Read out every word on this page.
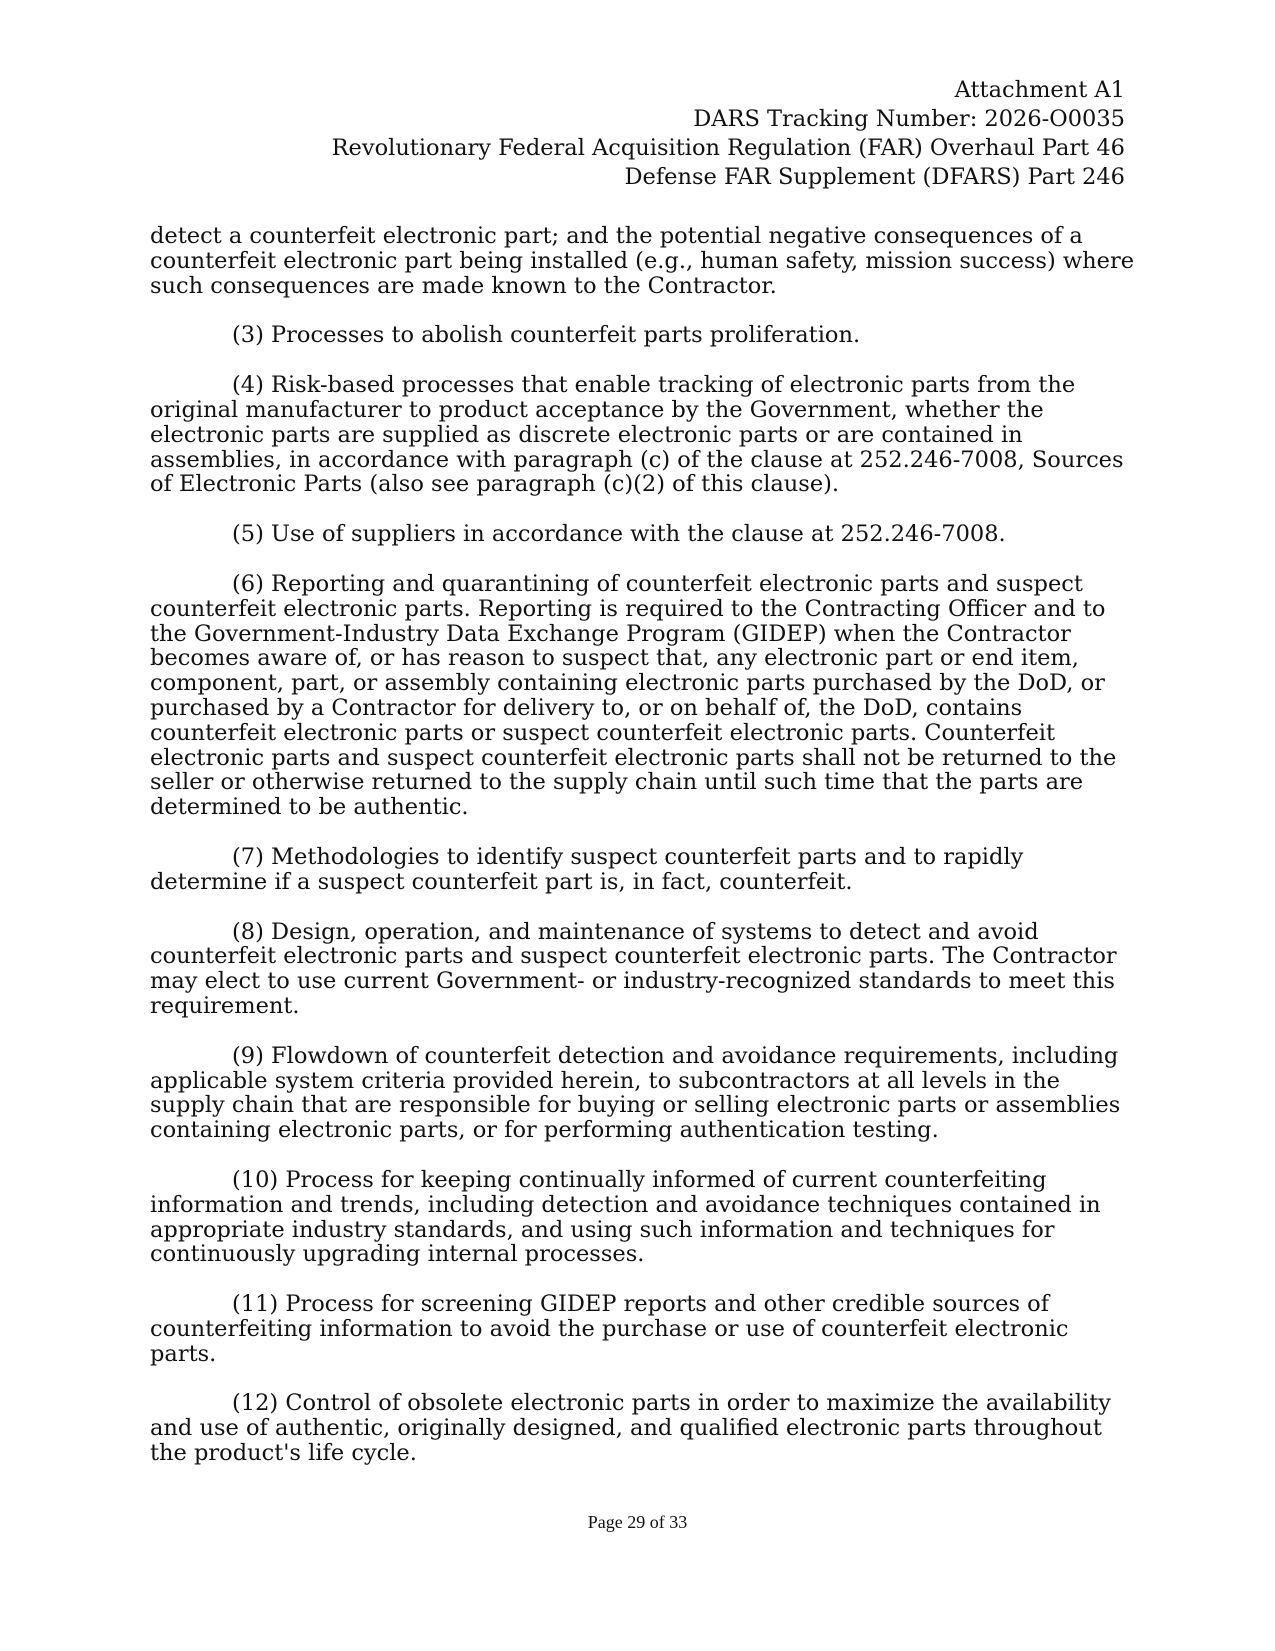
Attachment A1
DARS Tracking Number: 2026-O0035
Revolutionary Federal Acquisition Regulation (FAR) Overhaul Part 46
Defense FAR Supplement (DFARS) Part 246

detect a counterfeit electronic part; and the potential negative consequences of a counterfeit electronic part being installed (e.g., human safety, mission success) where such consequences are made known to the Contractor.

(3) Processes to abolish counterfeit parts proliferation.

(4) Risk-based processes that enable tracking of electronic parts from the original manufacturer to product acceptance by the Government, whether the electronic parts are supplied as discrete electronic parts or are contained in assemblies, in accordance with paragraph (c) of the clause at 252.246-7008, Sources of Electronic Parts (also see paragraph (c)(2) of this clause).

(5) Use of suppliers in accordance with the clause at 252.246-7008.

(6) Reporting and quarantining of counterfeit electronic parts and suspect counterfeit electronic parts. Reporting is required to the Contracting Officer and to the Government-Industry Data Exchange Program (GIDEP) when the Contractor becomes aware of, or has reason to suspect that, any electronic part or end item, component, part, or assembly containing electronic parts purchased by the DoD, or purchased by a Contractor for delivery to, or on behalf of, the DoD, contains counterfeit electronic parts or suspect counterfeit electronic parts. Counterfeit electronic parts and suspect counterfeit electronic parts shall not be returned to the seller or otherwise returned to the supply chain until such time that the parts are determined to be authentic.

(7) Methodologies to identify suspect counterfeit parts and to rapidly determine if a suspect counterfeit part is, in fact, counterfeit.

(8) Design, operation, and maintenance of systems to detect and avoid counterfeit electronic parts and suspect counterfeit electronic parts. The Contractor may elect to use current Government- or industry-recognized standards to meet this requirement.

(9) Flowdown of counterfeit detection and avoidance requirements, including applicable system criteria provided herein, to subcontractors at all levels in the supply chain that are responsible for buying or selling electronic parts or assemblies containing electronic parts, or for performing authentication testing.

(10) Process for keeping continually informed of current counterfeiting information and trends, including detection and avoidance techniques contained in appropriate industry standards, and using such information and techniques for continuously upgrading internal processes.

(11) Process for screening GIDEP reports and other credible sources of counterfeiting information to avoid the purchase or use of counterfeit electronic parts.

(12) Control of obsolete electronic parts in order to maximize the availability and use of authentic, originally designed, and qualified electronic parts throughout the product's life cycle.

Page 29 of 33
